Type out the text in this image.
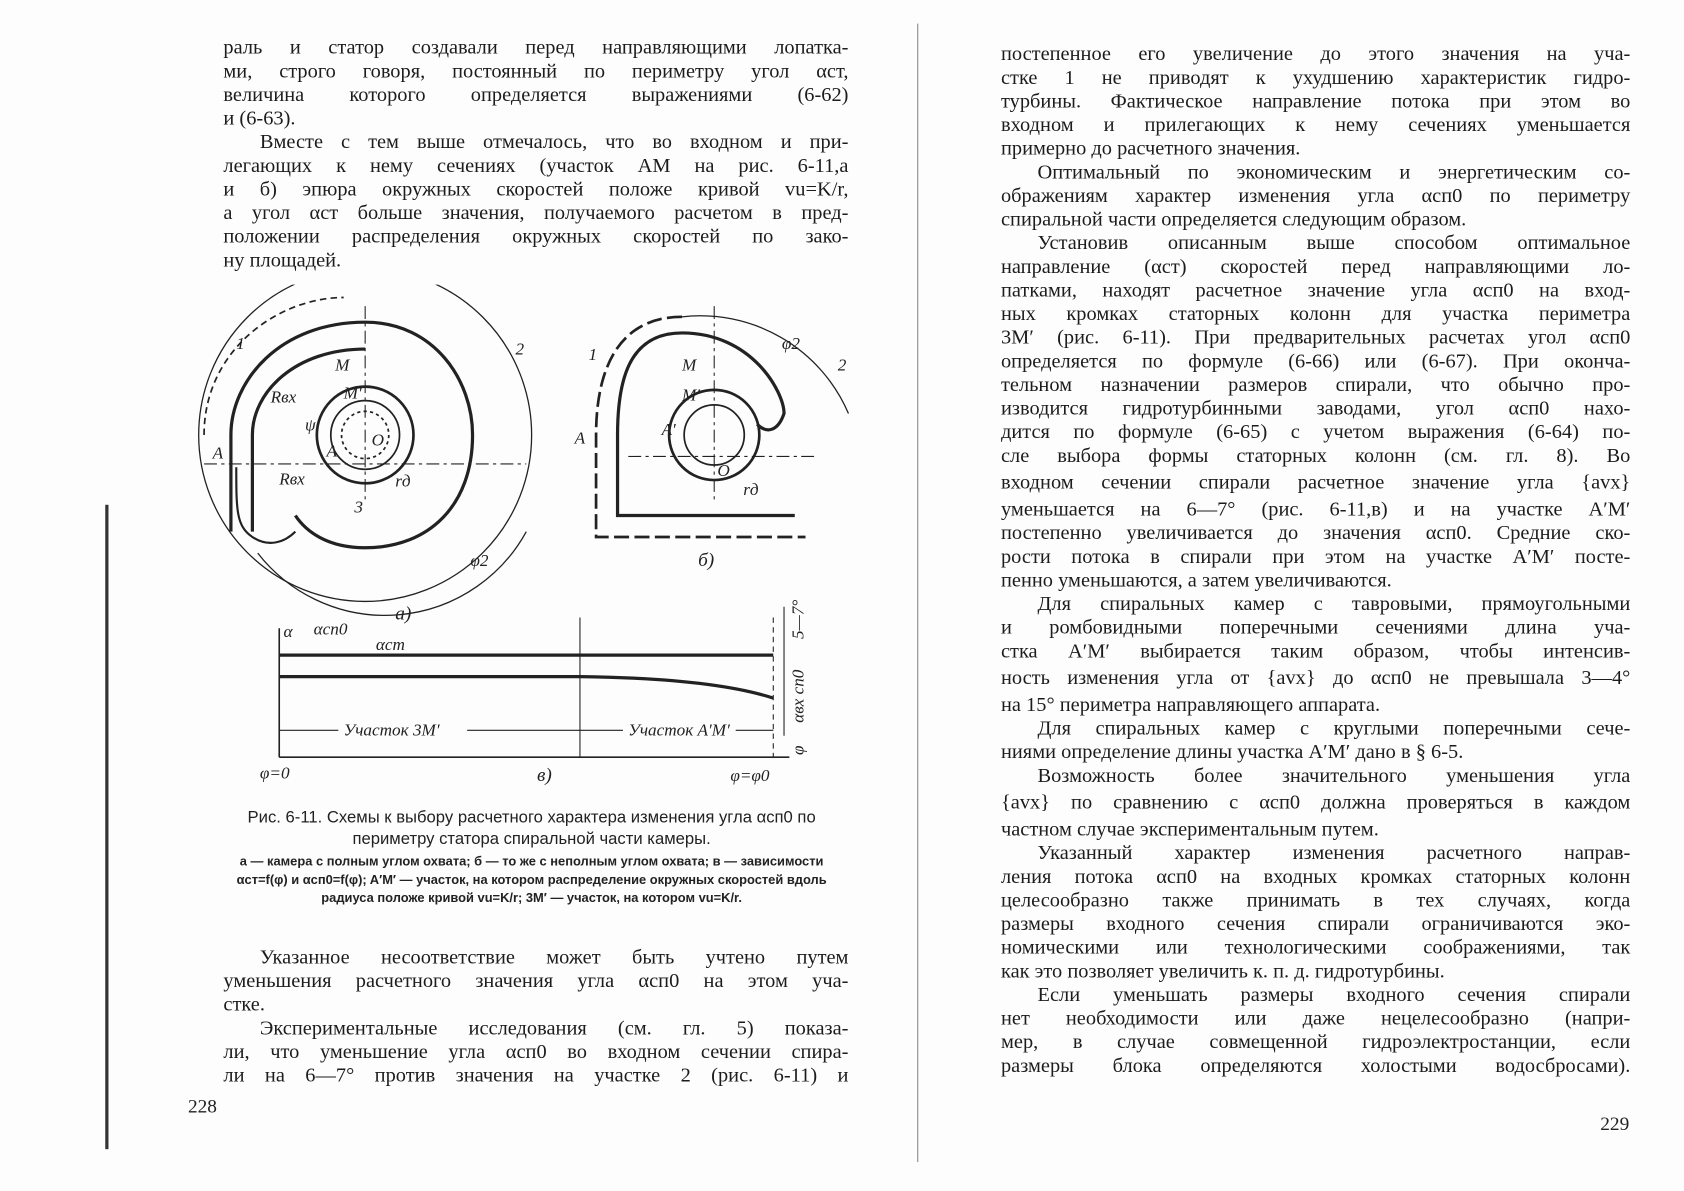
раль и статор создавали перед направляющими лопатка-
ми, строго говоря, постоянный по периметру угол αст,
величина которого определяется выражениями (6-62)
и (6-63).
Вместе с тем выше отмечалось, что во входном и при-
легающих к нему сечениях (участок AM на рис. 6-11,а
и б) эпюра окружных скоростей положе кривой vu=K/r,
а угол αст больше значения, получаемого расчетом в пред-
положении распределения окружных скоростей по зако-
ну площадей.
1	2
M
M′
A
A
O
Rвх
Rвх
ψ
rд
3
φ2
а)
1
2
M
M′
A	A′
O
rд
φ2
б)
α αсп0
αст
Участок 3M′	Участок A′M′
φ=0	φ=φ0
в)
5—7°
αвх сп0
φ
Рис. 6-11. Схемы к выбору расчетного характера изменения угла αсп0 по периметру статора спиральной части камеры.
а — камера с полным углом охвата; б — то же с неполным углом охвата; в — зависимости αст=f(φ) и αсп0=f(φ); A′M′ — участок, на котором распределение окружных скоростей вдоль радиуса положе кривой vu=K/r; 3M′ — участок, на котором vu=K/r.
Указанное несоответствие может быть учтено путем
уменьшения расчетного значения угла αсп0 на этом уча-
стке.
Экспериментальные исследования (см. гл. 5) показа-
ли, что уменьшение угла αсп0 во входном сечении спира-
ли на 6—7° против значения на участке 2 (рис. 6-11) и
228
постепенное его увеличение до этого значения на уча-
стке 1 не приводят к ухудшению характеристик гидро-
турбины. Фактическое направление потока при этом во
входном и прилегающих к нему сечениях уменьшается
примерно до расчетного значения.
Оптимальный по экономическим и энергетическим со-
ображениям характер изменения угла αсп0 по периметру
спиральной части определяется следующим образом.
Установив описанным выше способом оптимальное
направление (αст) скоростей перед направляющими ло-
патками, находят расчетное значение угла αсп0 на вход-
ных кромках статорных колонн для участка периметра
3M′ (рис. 6-11). При предварительных расчетах угол αсп0
определяется по формуле (6-66) или (6-67). При оконча-
тельном назначении размеров спирали, что обычно про-
изводится гидротурбинными заводами, угол αсп0 нахо-
дится по формуле (6-65) с учетом выражения (6-64) по-
сле выбора формы статорных колонн (см. гл. 8). Во
входном сечении спирали расчетное значение угла {avx}
уменьшается на 6—7° (рис. 6-11,в) и на участке A′M′
постепенно увеличивается до значения αсп0. Средние ско-
рости потока в спирали при этом на участке A′M′ посте-
пенно уменьшаются, а затем увеличиваются.
Для спиральных камер с тавровыми, прямоугольными
и ромбовидными поперечными сечениями длина уча-
стка A′M′ выбирается таким образом, чтобы интенсив-
ность изменения угла от {avx} до αсп0 не превышала 3—4°
на 15° периметра направляющего аппарата.
Для спиральных камер с круглыми поперечными сече-
ниями определение длины участка A′M′ дано в § 6-5.
Возможность более значительного уменьшения угла
{avx} по сравнению с αсп0 должна проверяться в каждом
частном случае экспериментальным путем.
Указанный характер изменения расчетного направ-
ления потока αсп0 на входных кромках статорных колонн
целесообразно также принимать в тех случаях, когда
размеры входного сечения спирали ограничиваются эко-
номическими или технологическими соображениями, так
как это позволяет увеличить к. п. д. гидротурбины.
Если уменьшать размеры входного сечения спирали
нет необходимости или даже нецелесообразно (напри-
мер, в случае совмещенной гидроэлектростанции, если
размеры блока определяются холостыми водосбросами).
229
